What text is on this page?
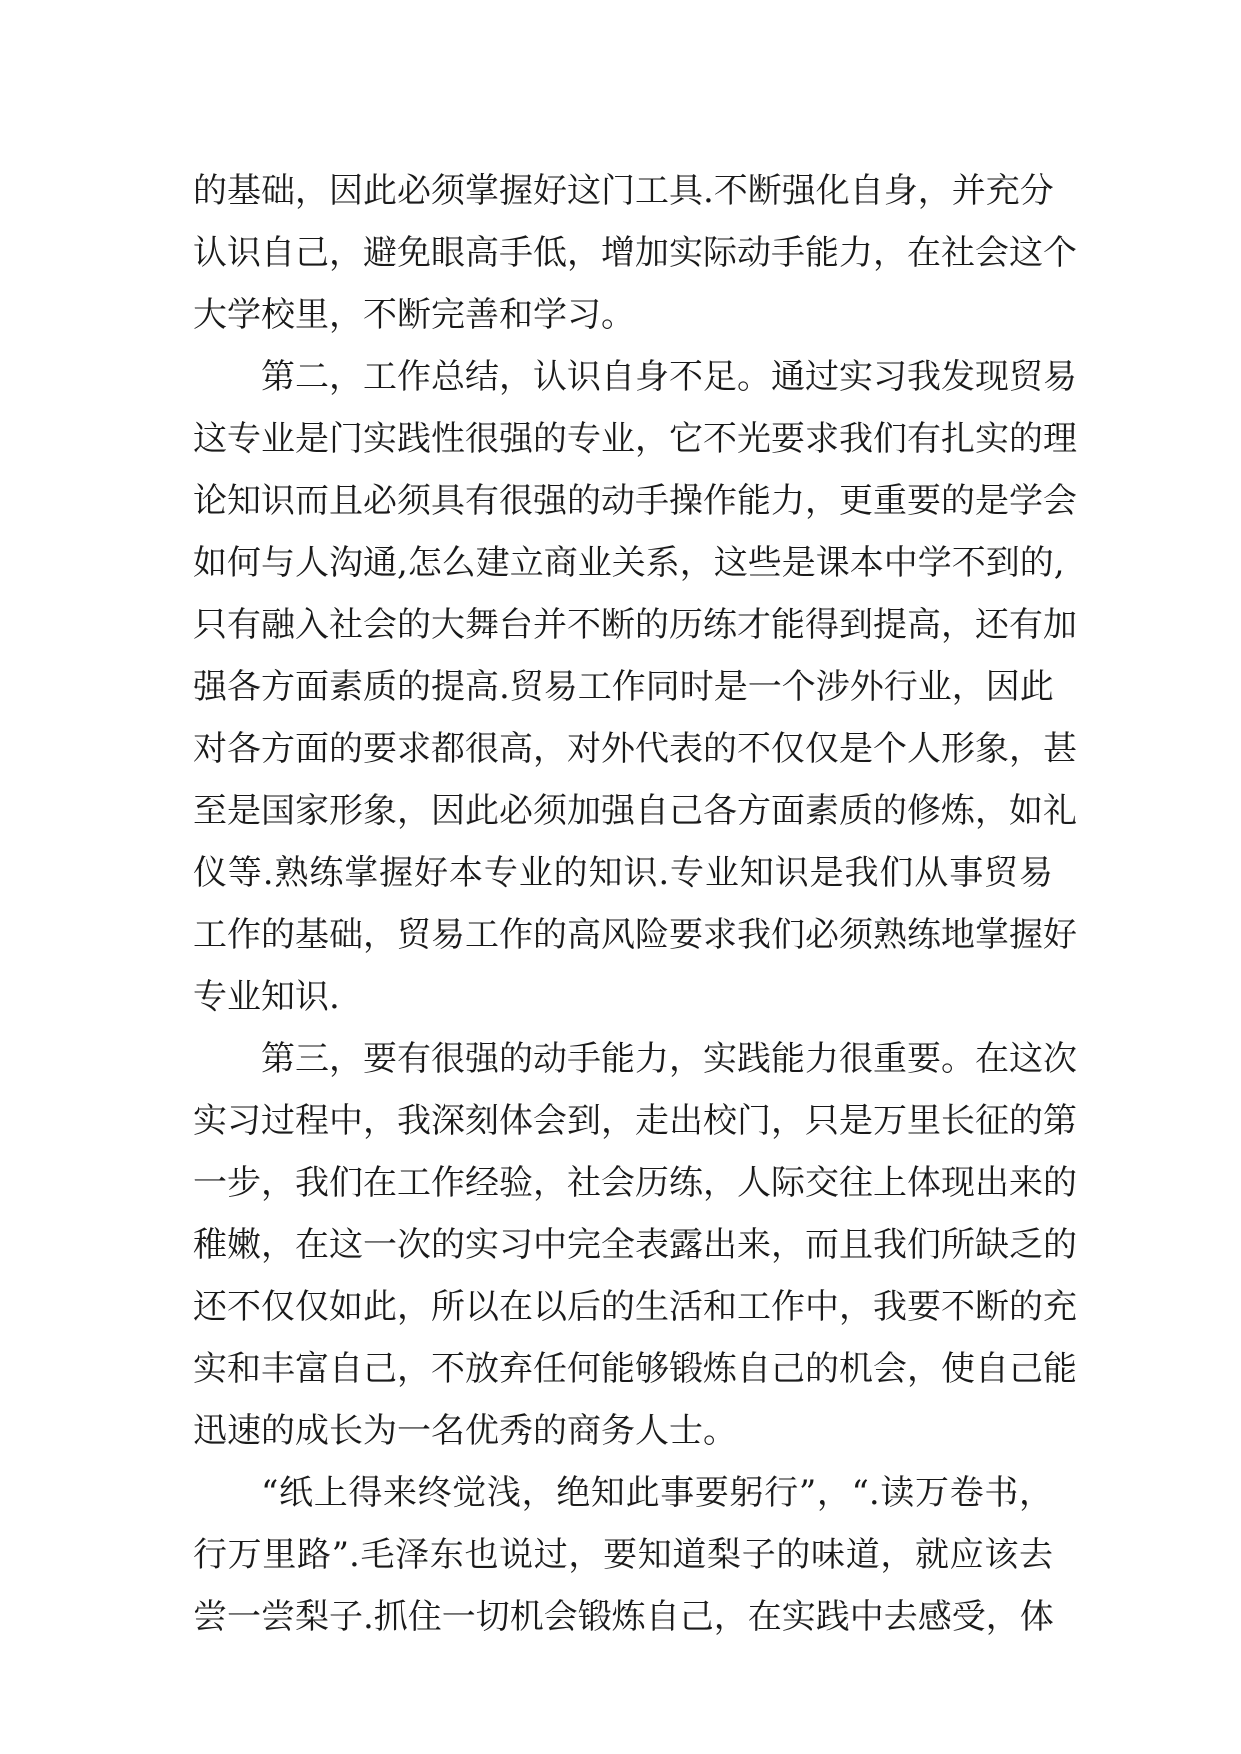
的基础，因此必须掌握好这门工具.不断强化自身，并充分
认识自己，避免眼高手低，增加实际动手能力，在社会这个
大学校里，不断完善和学习。
第二，工作总结，认识自身不足。通过实习我发现贸易
这专业是门实践性很强的专业，它不光要求我们有扎实的理
论知识而且必须具有很强的动手操作能力，更重要的是学会
如何与人沟通,怎么建立商业关系，这些是课本中学不到的,
只有融入社会的大舞台并不断的历练才能得到提高，还有加
强各方面素质的提高.贸易工作同时是一个涉外行业，因此
对各方面的要求都很高，对外代表的不仅仅是个人形象，甚
至是国家形象，因此必须加强自己各方面素质的修炼，如礼
仪等.熟练掌握好本专业的知识.专业知识是我们从事贸易
工作的基础，贸易工作的高风险要求我们必须熟练地掌握好
专业知识.
第三，要有很强的动手能力，实践能力很重要。在这次
实习过程中，我深刻体会到，走出校门，只是万里长征的第
一步，我们在工作经验，社会历练，人际交往上体现出来的
稚嫩，在这一次的实习中完全表露出来，而且我们所缺乏的
还不仅仅如此，所以在以后的生活和工作中，我要不断的充
实和丰富自己，不放弃任何能够锻炼自己的机会，使自己能
迅速的成长为一名优秀的商务人士。
“纸上得来终觉浅，绝知此事要躬行”，“.读万卷书，
行万里路”.毛泽东也说过，要知道梨子的味道，就应该去
尝一尝梨子.抓住一切机会锻炼自己，在实践中去感受，体
